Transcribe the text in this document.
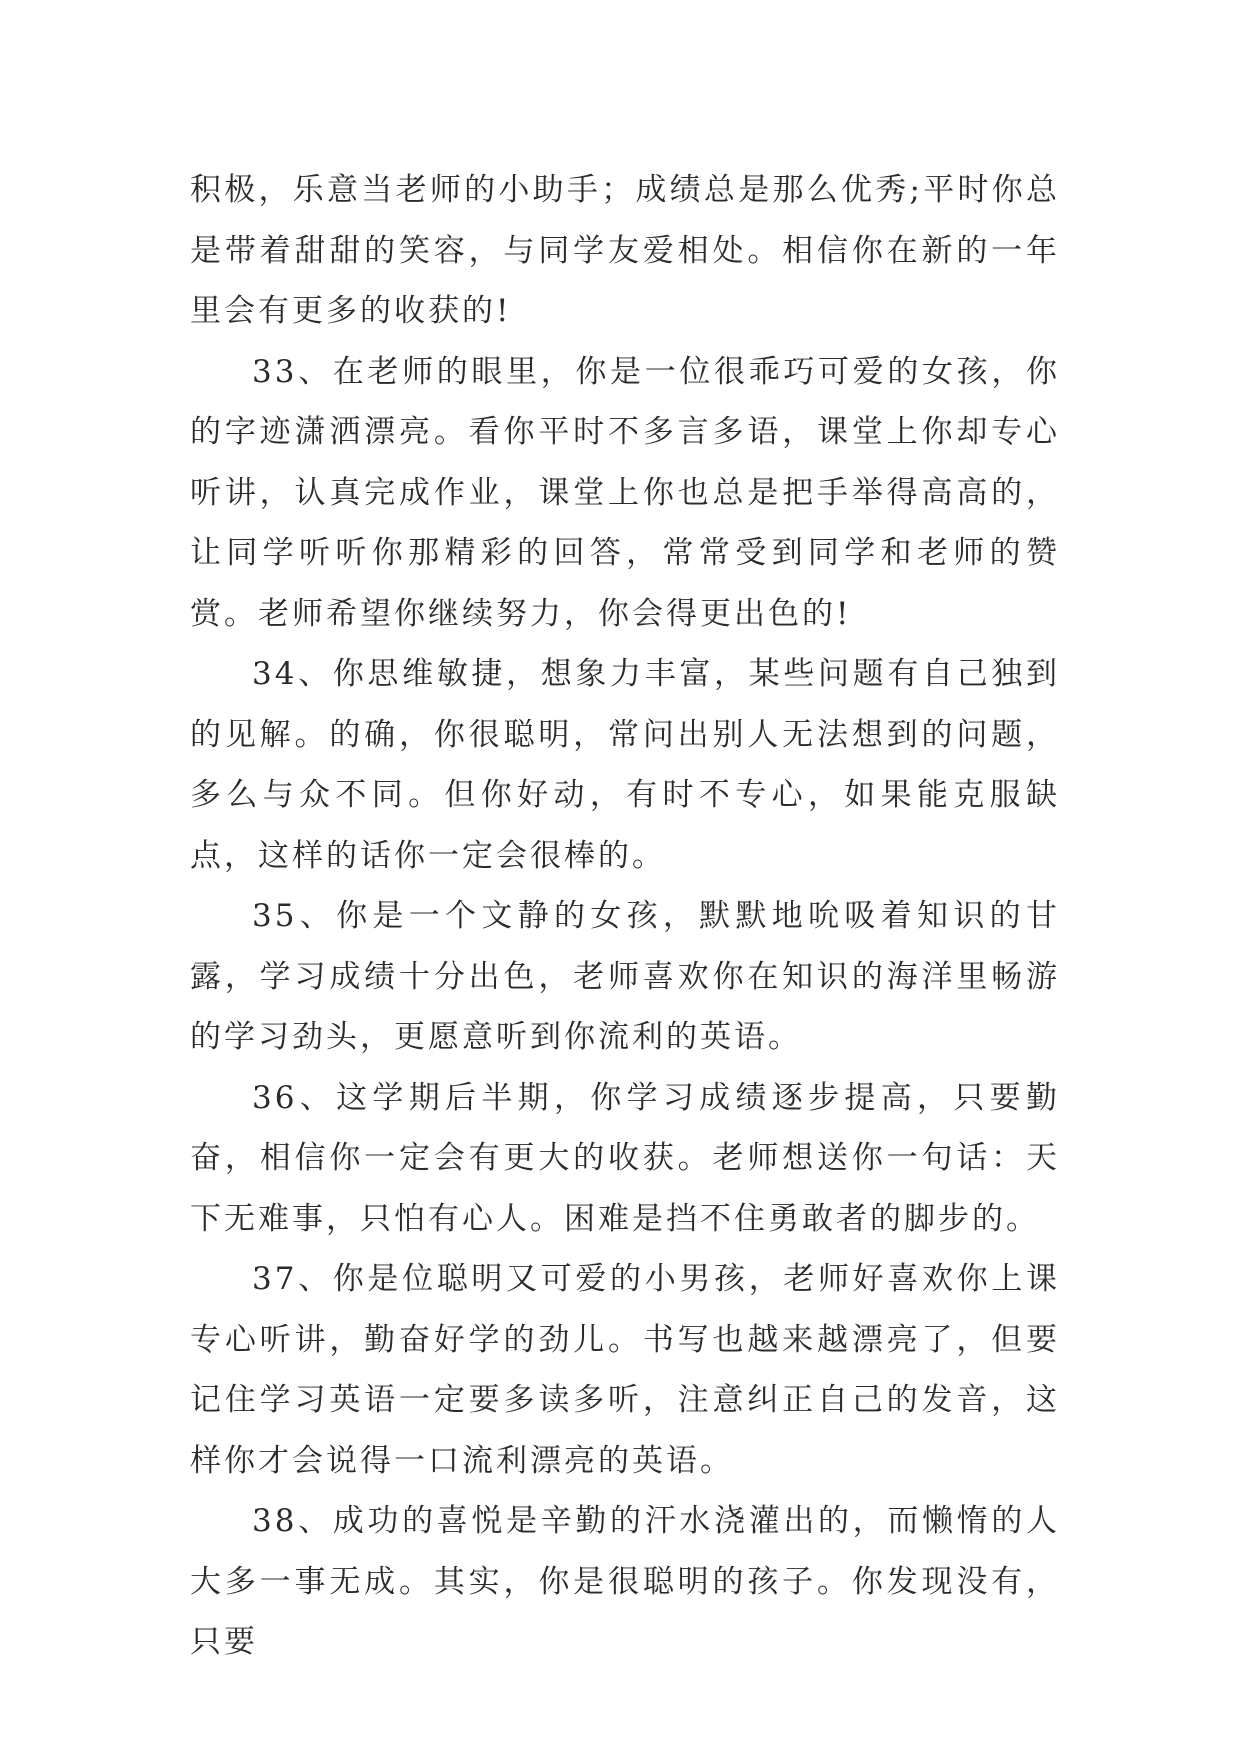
积极，乐意当老师的小助手；成绩总是那么优秀;平时你总是带着甜甜的笑容，与同学友爱相处。相信你在新的一年里会有更多的收获的!

33、在老师的眼里，你是一位很乖巧可爱的女孩，你的字迹潇洒漂亮。看你平时不多言多语，课堂上你却专心听讲，认真完成作业，课堂上你也总是把手举得高高的，让同学听听你那精彩的回答，常常受到同学和老师的赞赏。老师希望你继续努力，你会得更出色的!

34、你思维敏捷，想象力丰富，某些问题有自己独到的见解。的确，你很聪明，常问出别人无法想到的问题，多么与众不同。但你好动，有时不专心，如果能克服缺点，这样的话你一定会很棒的。

35、你是一个文静的女孩，默默地吮吸着知识的甘露，学习成绩十分出色，老师喜欢你在知识的海洋里畅游的学习劲头，更愿意听到你流利的英语。

36、这学期后半期，你学习成绩逐步提高，只要勤奋，相信你一定会有更大的收获。老师想送你一句话：天下无难事，只怕有心人。困难是挡不住勇敢者的脚步的。

37、你是位聪明又可爱的小男孩，老师好喜欢你上课专心听讲，勤奋好学的劲儿。书写也越来越漂亮了，但要记住学习英语一定要多读多听，注意纠正自己的发音，这样你才会说得一口流利漂亮的英语。

38、成功的喜悦是辛勤的汗水浇灌出的，而懒惰的人大多一事无成。其实，你是很聪明的孩子。你发现没有，只要
